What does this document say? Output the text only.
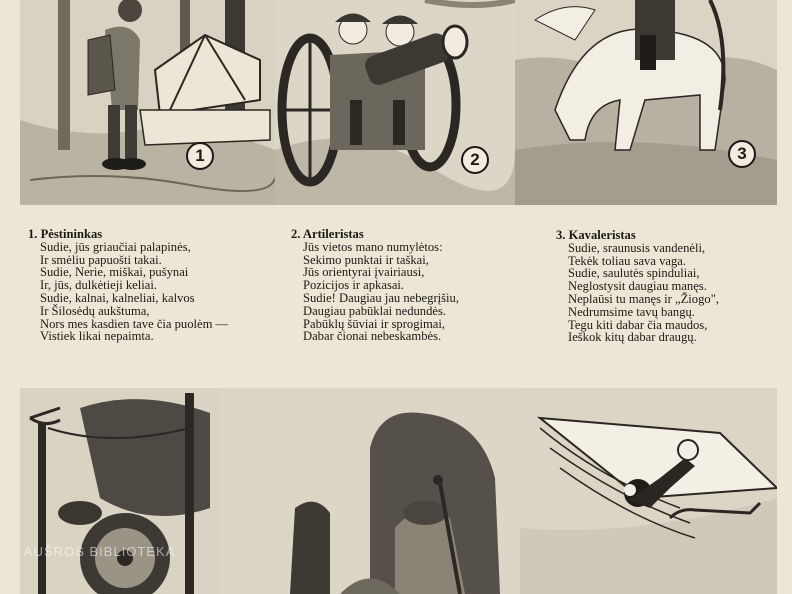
1	2	3
1. Pėstininkas
Sudie, jūs griaučiai palapinės,
Ir smėliu papuošti takai.
Sudie, Nerie, miškai, pušynai
Ir, jūs, dulkėtieji keliai.
Sudie, kalnai, kalneliai, kalvos
Ir Šilosėdų aukštuma,
Nors mes kasdien tave čia puolėm —
Vistiek likai nepaimta.
2. Artileristas
Jūs vietos mano numylėtos:
Sekimo punktai ir taškai,
Jūs orientyrai įvairiausi,
Pozicijos ir apkasai.
Sudie! Daugiau jau nebegrįšiu,
Daugiau pabūklai nedundės.
Pabūklų šūviai ir sprogimai,
Dabar čionai nebeskambės.
3. Kavaleristas
Sudie, sraunusis vandenėli,
Tekėk toliau sava vaga.
Sudie, saulutės spinduliai,
Neglostysit daugiau manęs.
Neplaūsi tu manęs ir „Žiogo",
Nedrumsime tavų bangų.
Tegu kiti dabar čia maudos,
Ieškok kitų dabar draugų.
AUŠROS BIBLIOTEKA
